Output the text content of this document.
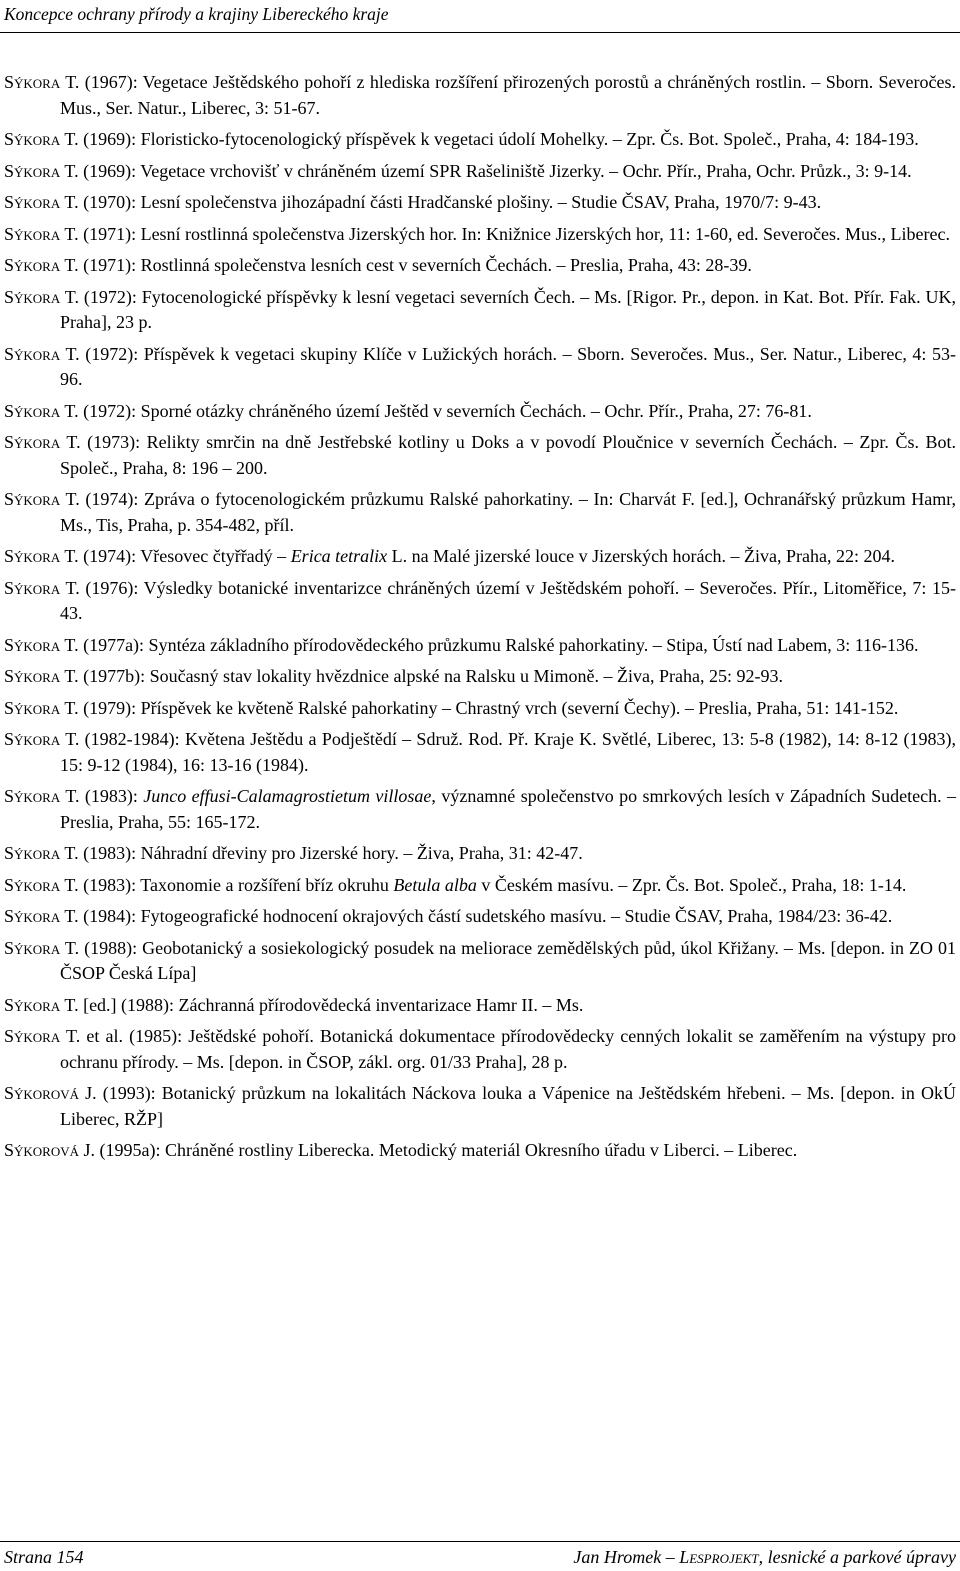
Koncepce ochrany přírody a krajiny Libereckého kraje

Sýkora T. (1967): Vegetace Ještědského pohoří z hlediska rozšíření přirozených porostů a chráněných rostlin. – Sborn. Severočes. Mus., Ser. Natur., Liberec, 3: 51-67.

Sýkora T. (1969): Floristicko-fytocenologický příspěvek k vegetaci údolí Mohelky. – Zpr. Čs. Bot. Společ., Praha, 4: 184-193.

Sýkora T. (1969): Vegetace vrchovišť v chráněném území SPR Rašeliniště Jizerky. – Ochr. Přír., Praha, Ochr. Průzk., 3: 9-14.

Sýkora T. (1970): Lesní společenstva jihozápadní části Hradčanské plošiny. – Studie ČSAV, Praha, 1970/7: 9-43.

Sýkora T. (1971): Lesní rostlinná společenstva Jizerských hor. In: Knižnice Jizerských hor, 11: 1-60, ed. Severočes. Mus., Liberec.

Sýkora T. (1971): Rostlinná společenstva lesních cest v severních Čechách. – Preslia, Praha, 43: 28-39.

Sýkora T. (1972): Fytocenologické příspěvky k lesní vegetaci severních Čech. – Ms. [Rigor. Pr., depon. in Kat. Bot. Přír. Fak. UK, Praha], 23 p.

Sýkora T. (1972): Příspěvek k vegetaci skupiny Klíče v Lužických horách. – Sborn. Severočes. Mus., Ser. Natur., Liberec, 4: 53-96.

Sýkora T. (1972): Sporné otázky chráněného území Ještěd v severních Čechách. – Ochr. Přír., Praha, 27: 76-81.

Sýkora T. (1973): Relikty smrčin na dně Jestřebské kotliny u Doks a v povodí Ploučnice v severních Čechách. – Zpr. Čs. Bot. Společ., Praha, 8: 196 – 200.

Sýkora T. (1974): Zpráva o fytocenologickém průzkumu Ralské pahorkatiny. – In: Charvát F. [ed.], Ochranářský průzkum Hamr, Ms., Tis, Praha, p. 354-482, příl.

Sýkora T. (1974): Vřesovec čtyřřadý – Erica tetralix L. na Malé jizerské louce v Jizerských horách. – Živa, Praha, 22: 204.

Sýkora T. (1976): Výsledky botanické inventarizce chráněných území v Ještědském pohoří. – Severočes. Přír., Litoměřice, 7: 15-43.

Sýkora T. (1977a): Syntéza základního přírodovědeckého průzkumu Ralské pahorkatiny. – Stipa, Ústí nad Labem, 3: 116-136.

Sýkora T. (1977b): Současný stav lokality hvězdnice alpské na Ralsku u Mimoně. – Živa, Praha, 25: 92-93.

Sýkora T. (1979): Příspěvek ke květeně Ralské pahorkatiny – Chrastný vrch (severní Čechy). – Preslia, Praha, 51: 141-152.

Sýkora T. (1982-1984): Květena Ještědu a Podještědí – Sdruž. Rod. Př. Kraje K. Světlé, Liberec, 13: 5-8 (1982), 14: 8-12 (1983), 15: 9-12 (1984), 16: 13-16 (1984).

Sýkora T. (1983): Junco effusi-Calamagrostietum villosae, významné společenstvo po smrkových lesích v Západních Sudetech. – Preslia, Praha, 55: 165-172.

Sýkora T. (1983): Náhradní dřeviny pro Jizerské hory. – Živa, Praha, 31: 42-47.

Sýkora T. (1983): Taxonomie a rozšíření bříz okruhu Betula alba v Českém masívu. – Zpr. Čs. Bot. Společ., Praha, 18: 1-14.

Sýkora T. (1984): Fytogeografické hodnocení okrajových částí sudetského masívu. – Studie ČSAV, Praha, 1984/23: 36-42.

Sýkora T. (1988): Geobotanický a sosiekologický posudek na meliorace zemědělských půd, úkol Křižany. – Ms. [depon. in ZO 01 ČSOP Česká Lípa]

Sýkora T. [ed.] (1988): Záchranná přírodovědecká inventarizace Hamr II. – Ms.

Sýkora T. et al. (1985): Ještědské pohoří. Botanická dokumentace přírodovědecky cenných lokalit se zaměřením na výstupy pro ochranu přírody. – Ms. [depon. in ČSOP, zákl. org. 01/33 Praha], 28 p.

Sýkorová J. (1993): Botanický průzkum na lokalitách Náckova louka a Vápenice na Ještědském hřebeni. – Ms. [depon. in OkÚ Liberec, RŽP]

Sýkorová J. (1995a): Chráněné rostliny Liberecka. Metodický materiál Okresního úřadu v Liberci. – Liberec.

Strana 154	Jan Hromek – Lesprojekt, lesnické a parkové úpravy
